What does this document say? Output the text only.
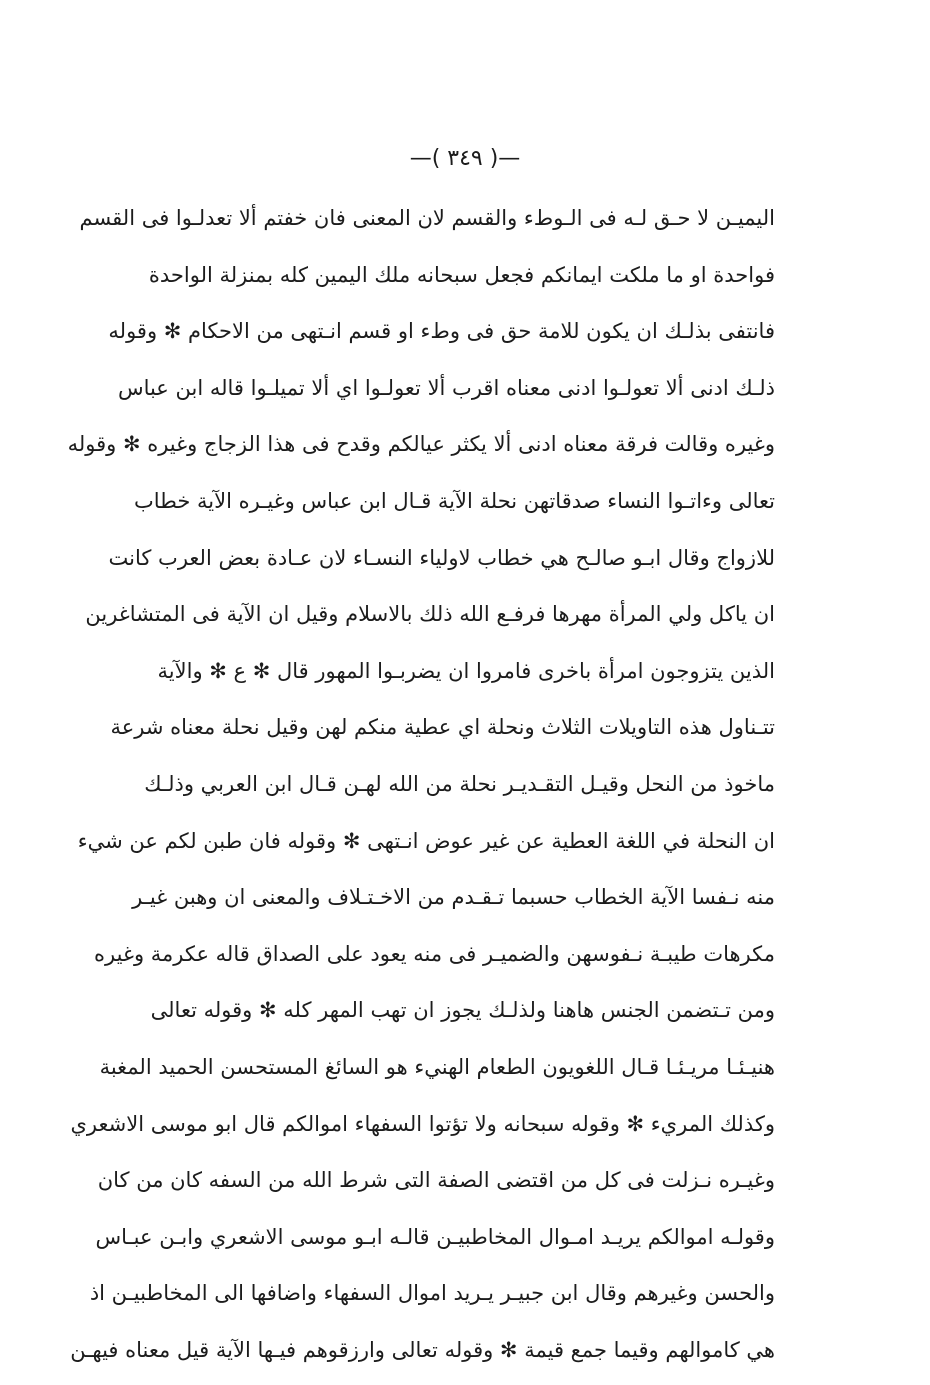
—( ٣٤٩ )—
اليميـن لا حـق لـه فى الـوطء والقسم لان المعنى فان خفتم ألا تعدلـوا فى القسم
فواحدة او ما ملكت ايمانكم فجعل سبحانه ملك اليمين كله بمنزلة الواحدة
فانتفى بذلـك ان يكون للامة حق فى وطء او قسم انـتهى من الاحكام ✻ وقوله
ذلـك ادنى ألا تعولـوا ادنى معناه اقرب ألا تعولـوا اي ألا تميلـوا قاله ابن عباس
وغيره وقالت فرقة معناه ادنى ألا يكثر عيالكم وقدح فى هذا الزجاج وغيره ✻ وقوله
تعالى وءاتـوا النساء صدقاتهن نحلة الآية قـال ابن عباس وغيـره الآية خطاب
للازواج وقال ابـو صالـح هي خطاب لاولياء النسـاء لان عـادة بعض العرب كانت
ان ياكل ولي المرأة مهرها فرفـع الله ذلك بالاسلام وقيل ان الآية فى المتشاغرين
الذين يتزوجون امرأة باخرى فامروا ان يضربـوا المهور قال ✻ ع ✻ والآية
تتـناول هذه التاويلات الثلاث ونحلة اي عطية منكم لهن وقيل نحلة معناه شرعة
ماخوذ من النحل وقيـل التقـديـر نحلة من الله لهـن قـال ابن العربي وذلـك
ان النحلة في اللغة العطية عن غير عوض انـتهى ✻ وقوله فان طبن لكم عن شيء
منه نـفسا الآية الخطاب حسبما تـقـدم من الاخـتـلاف والمعنى ان وهبن غيـر
مكرهات طيبـة نـفوسهن والضميـر فى منه يعود على الصداق قاله عكرمة وغيره
ومن تـتضمن الجنس هاهنا ولذلـك يجوز ان تهب المهر كله ✻ وقوله تعالى
هنيـئـا مريـئـا قـال اللغويون الطعام الهنيء هو السائغ المستحسن الحميد المغبة
وكذلك المريء ✻ وقوله سبحانه ولا تؤتوا السفهاء اموالكم قال ابو موسى الاشعري
وغيـره نـزلت فى كل من اقتضى الصفة التى شرط الله من السفه كان من كان
وقولـه اموالكم يريـد امـوال المخاطبيـن قالـه ابـو موسى الاشعري وابـن عبـاس
والحسن وغيرهم وقال ابن جبيـر يـريد اموال السفهاء واضافها الى المخاطبيـن اذ
هي كاموالهم وقيما جمع قيمة ✻ وقوله تعالى وارزقوهم فيـها الآية قيل معناه فيهـن
